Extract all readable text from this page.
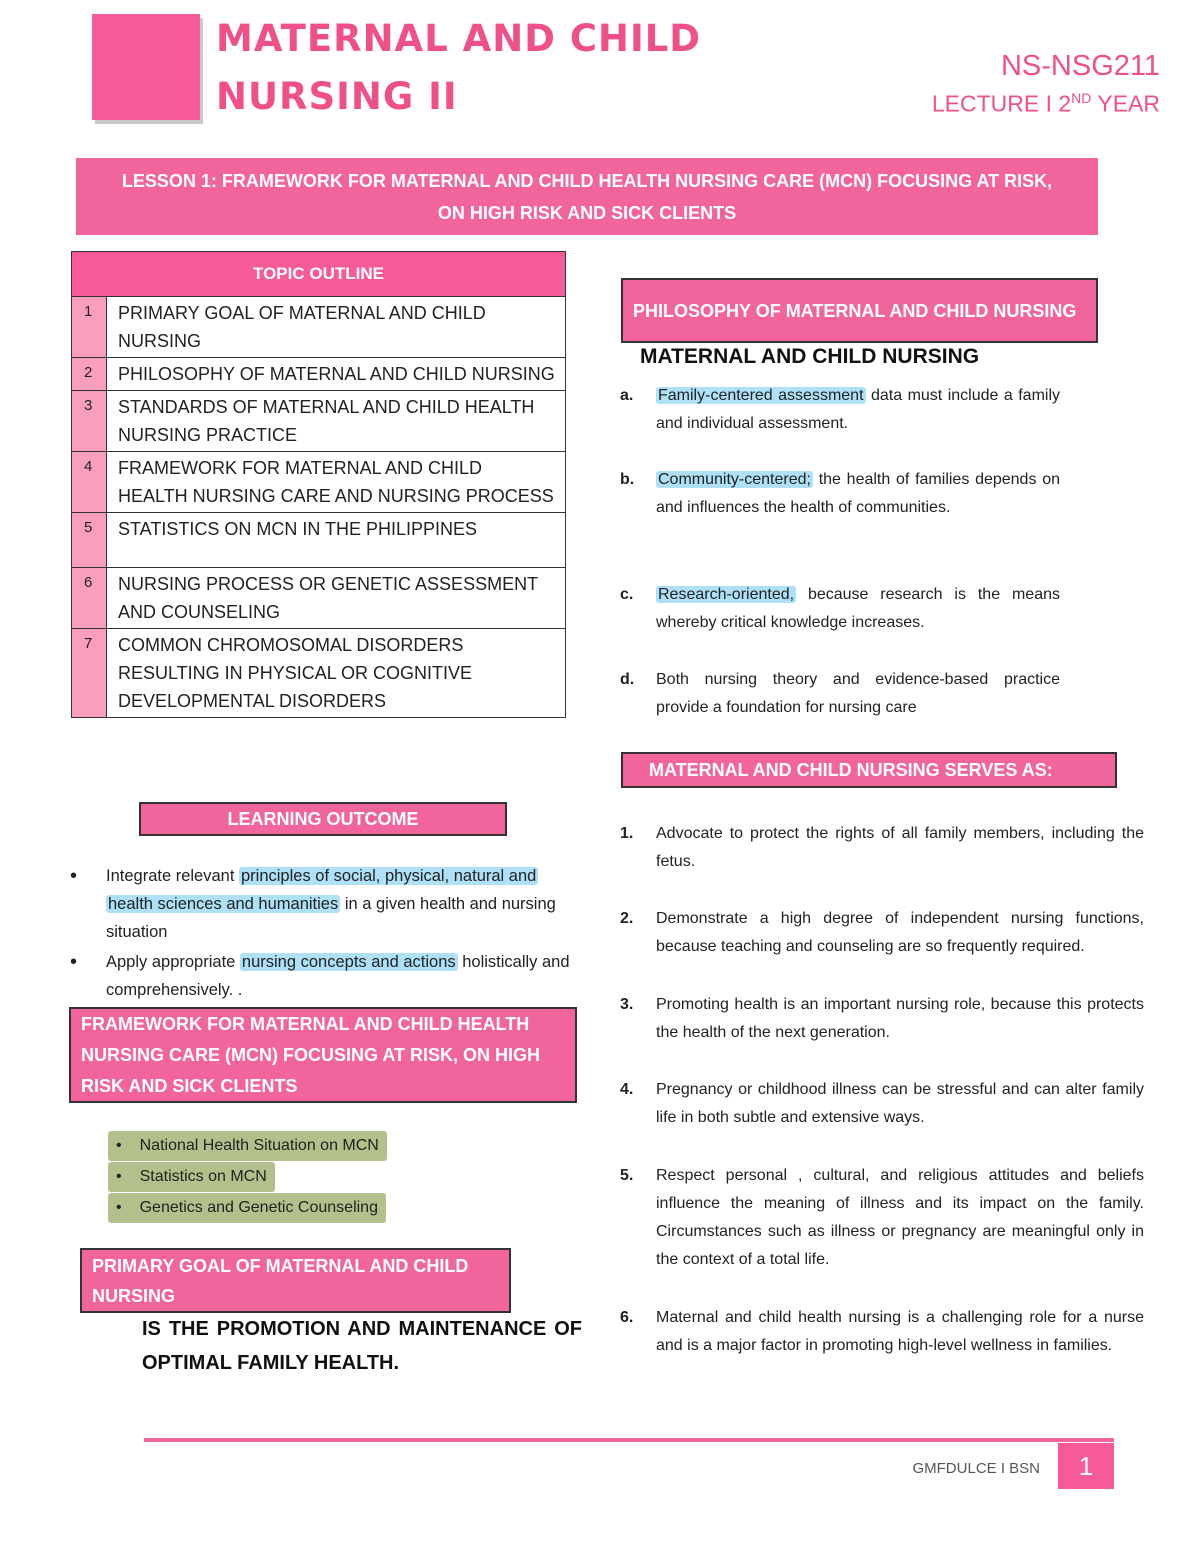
MATERNAL AND CHILD
NURSING II
NS-NSG211
LECTURE I 2ND YEAR
LESSON 1: FRAMEWORK FOR MATERNAL AND CHILD HEALTH NURSING CARE (MCN) FOCUSING AT RISK, ON HIGH RISK AND SICK CLIENTS
TOPIC OUTLINE
1	PRIMARY GOAL OF MATERNAL AND CHILD NURSING
2	PHILOSOPHY OF MATERNAL AND CHILD NURSING
3	STANDARDS OF MATERNAL AND CHILD HEALTH NURSING PRACTICE
4	FRAMEWORK FOR MATERNAL AND CHILD HEALTH NURSING CARE AND NURSING PROCESS
5	STATISTICS ON MCN IN THE PHILIPPINES
6	NURSING PROCESS OR GENETIC ASSESSMENT AND COUNSELING
7	COMMON CHROMOSOMAL DISORDERS RESULTING IN PHYSICAL OR COGNITIVE DEVELOPMENTAL DISORDERS
LEARNING OUTCOME
• Integrate relevant principles of social, physical, natural and
health sciences and humanities in a given health and nursing situation
• Apply appropriate nursing concepts and actions holistically and comprehensively. .
FRAMEWORK FOR MATERNAL AND CHILD HEALTH NURSING CARE (MCN) FOCUSING AT RISK, ON HIGH RISK AND SICK CLIENTS
• National Health Situation on MCN
• Statistics on MCN
• Genetics and Genetic Counseling
PRIMARY GOAL OF MATERNAL AND CHILD NURSING
IS THE PROMOTION AND MAINTENANCE OF OPTIMAL FAMILY HEALTH.
PHILOSOPHY OF MATERNAL AND CHILD NURSING
MATERNAL AND CHILD NURSING
a.	Family-centered assessment data must include a family and individual assessment.
b.	Community-centered; the health of families depends on and influences the health of communities.
c.	Research-oriented, because research is the means whereby critical knowledge increases.
d.	Both nursing theory and evidence-based practice provide a foundation for nursing care
MATERNAL AND CHILD NURSING SERVES AS:
1.	Advocate to protect the rights of all family members, including the fetus.
2.	Demonstrate a high degree of independent nursing functions, because teaching and counseling are so frequently required.
3.	Promoting health is an important nursing role, because this protects the health of the next generation.
4.	Pregnancy or childhood illness can be stressful and can alter family life in both subtle and extensive ways.
5.	Respect personal , cultural, and religious attitudes and beliefs influence the meaning of illness and its impact on the family. Circumstances such as illness or pregnancy are meaningful only in the context of a total life.
6.	Maternal and child health nursing is a challenging role for a nurse and is a major factor in promoting high-level wellness in families.
GMFDULCE I BSN	1
